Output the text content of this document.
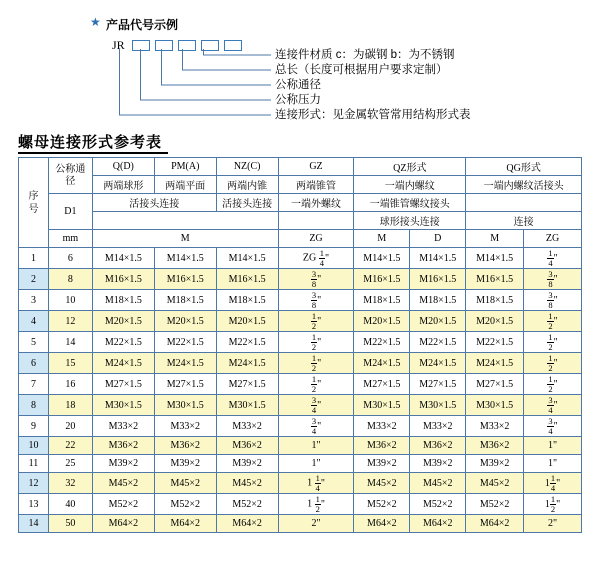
★ 产品代号示例
JR
连接件材质 c：为碳钢 b：为不锈钢
总长（长度可根据用户要求定制）
公称通径
公称压力
连接形式：见金属软管常用结构形式表
螺母连接形式参考表
序
号	公称通径	Q(D)	PM(A)	NZ(C)	GZ	QZ形式		QG形式	
		两端球形	两端平面	两端内锥	两端锥管	一端内螺纹		一端内螺纹活接头	
	D1	活接头连接		活接头连接	一端外螺纹	一端锥管螺纹接头			
						球形接头连接		连接	
	mm	M			ZG	M	D	M	ZG
1	6	M14×1.5	M14×1.5	M14×1.5	ZG $\frac{1}{4}$ "	M14×1.5	M14×1.5	M14×1.5	$\frac{1}{4}$ "
2	8	M16×1.5	M16×1.5	M16×1.5	$\frac{3}{8}$ "	M16×1.5	M16×1.5	M16×1.5	$\frac{3}{8}$ "
3	10	M18×1.5	M18×1.5	M18×1.5	$\frac{3}{8}$ "	M18×1.5	M18×1.5	M18×1.5	$\frac{3}{8}$ "
4	12	M20×1.5	M20×1.5	M20×1.5	$\frac{1}{2}$ "	M20×1.5	M20×1.5	M20×1.5	$\frac{1}{2}$ "
5	14	M22×1.5	M22×1.5	M22×1.5	$\frac{1}{2}$ "	M22×1.5	M22×1.5	M22×1.5	$\frac{1}{2}$ "
6	15	M24×1.5	M24×1.5	M24×1.5	$\frac{1}{2}$ "	M24×1.5	M24×1.5	M24×1.5	$\frac{1}{2}$ "
7	16	M27×1.5	M27×1.5	M27×1.5	$\frac{1}{2}$ "	M27×1.5	M27×1.5	M27×1.5	$\frac{1}{2}$ "
8	18	M30×1.5	M30×1.5	M30×1.5	$\frac{3}{4}$ "	M30×1.5	M30×1.5	M30×1.5	$\frac{3}{4}$ "
9	20	M33×2	M33×2	M33×2	$\frac{3}{4}$ "	M33×2	M33×2	M33×2	$\frac{3}{4}$ "
10	22	M36×2	M36×2	M36×2	1"	M36×2	M36×2	M36×2	1"
11	25	M39×2	M39×2	M39×2	1"	M39×2	M39×2	M39×2	1"
12	32	M45×2	M45×2	M45×2	$1 \frac{1}{4}$ "	M45×2	M45×2	M45×2	$1 \frac{1}{4}$ "
13	40	M52×2	M52×2	M52×2	$1 \frac{1}{2}$ "	M52×2	M52×2	M52×2	$1 \frac{1}{2}$ "
14	50	M64×2	M64×2	M64×2	2"	M64×2	M64×2	M64×2	2"
